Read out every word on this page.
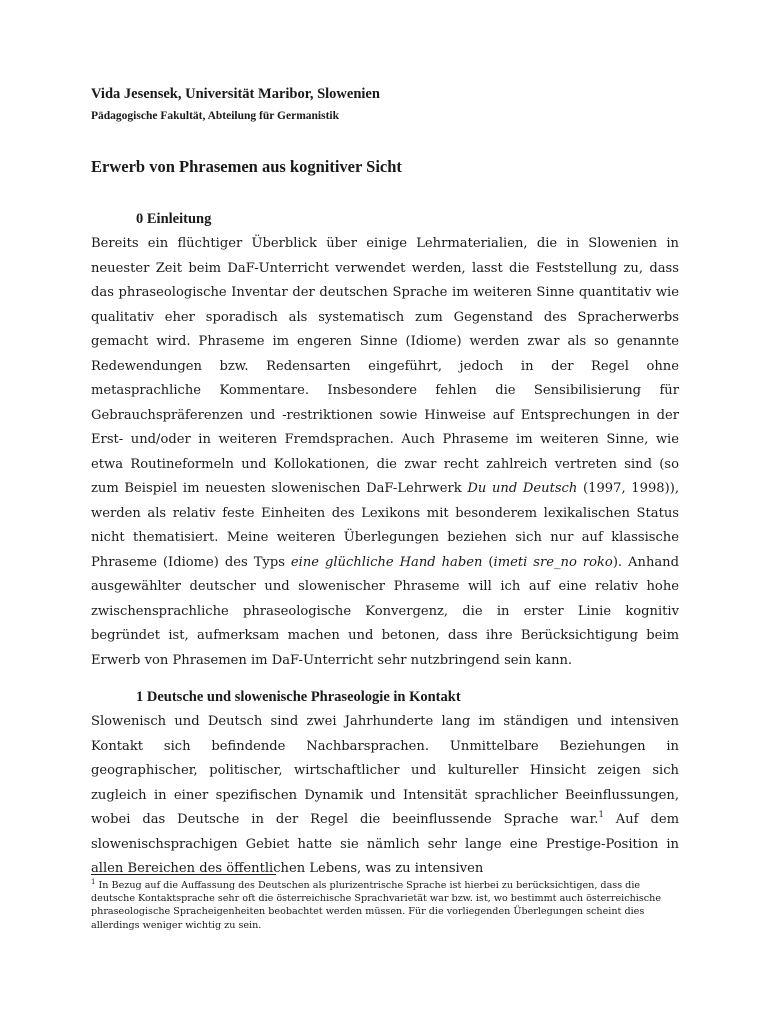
Vida Jesensek, Universität Maribor, Slowenien
Pädagogische Fakultät, Abteilung für Germanistik
Erwerb von Phrasemen aus kognitiver Sicht
0 Einleitung

Bereits ein flüchtiger Überblick über einige Lehrmaterialien, die in Slowenien in neuester Zeit beim DaF-Unterricht verwendet werden, lasst die Feststellung zu, dass das phraseologische Inventar der deutschen Sprache im weiteren Sinne quantitativ wie qualitativ eher sporadisch als systematisch zum Gegenstand des Spracherwerbs gemacht wird. Phraseme im engeren Sinne (Idiome) werden zwar als so genannte Redewendungen bzw. Redensarten eingeführt, jedoch in der Regel ohne metasprachliche Kommentare. Insbesondere fehlen die Sensibilisierung für Gebrauchspräferenzen und -restriktionen sowie Hinweise auf Entsprechungen in der Erst- und/oder in weiteren Fremdsprachen. Auch Phraseme im weiteren Sinne, wie etwa Routineformeln und Kollokationen, die zwar recht zahlreich vertreten sind (so zum Beispiel im neuesten slowenischen DaF-Lehrwerk Du und Deutsch (1997, 1998)), werden als relativ feste Einheiten des Lexikons mit besonderem lexikalischen Status nicht thematisiert. Meine weiteren Überlegungen beziehen sich nur auf klassische Phraseme (Idiome) des Typs eine glüchliche Hand haben (imeti sre_no roko). Anhand ausgewählter deutscher und slowenischer Phraseme will ich auf eine relativ hohe zwischensprachliche phraseologische Konvergenz, die in erster Linie kognitiv begründet ist, aufmerksam machen und betonen, dass ihre Berücksichtigung beim Erwerb von Phrasemen im DaF-Unterricht sehr nutzbringend sein kann.

1 Deutsche und slowenische Phraseologie in Kontakt

Slowenisch und Deutsch sind zwei Jahrhunderte lang im ständigen und intensiven Kontakt sich befindende Nachbarsprachen. Unmittelbare Beziehungen in geographischer, politischer, wirtschaftlicher und kultureller Hinsicht zeigen sich zugleich in einer spezifischen Dynamik und Intensität sprachlicher Beeinflussungen, wobei das Deutsche in der Regel die beeinflussende Sprache war.$^1$ Auf dem slowenischsprachigen Gebiet hatte sie nämlich sehr lange eine Prestige-Position in allen Bereichen des öffentlichen Lebens, was zu intensiven

$^1$ In Bezug auf die Auffassung des Deutschen als plurizentrische Sprache ist hierbei zu berücksichtigen, dass die deutsche Kontaktsprache sehr oft die österreichische Sprachvarietät war bzw. ist, wo bestimmt auch österreichische phraseologische Spracheigenheiten beobachtet werden müssen. Für die vorliegenden Überlegungen scheint dies allerdings weniger wichtig zu sein.
